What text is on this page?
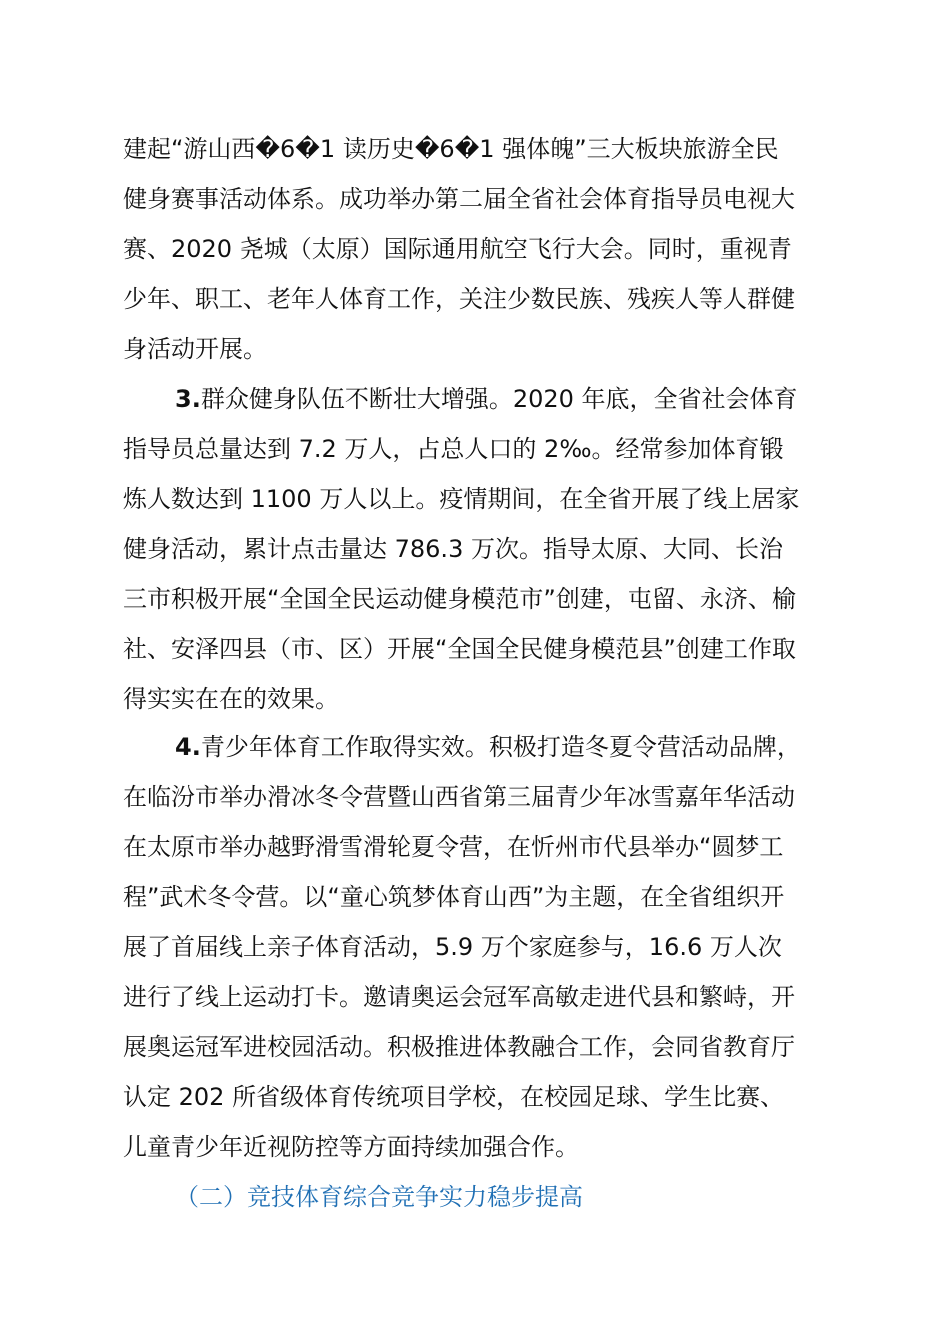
建起“游山西�6�1 读历史�6�1 强体魄”三大板块旅游全民
健身赛事活动体系。成功举办第二届全省社会体育指导员电视大
赛、2020 尧城（太原）国际通用航空飞行大会。同时，重视青
少年、职工、老年人体育工作，关注少数民族、残疾人等人群健
身活动开展。
3.群众健身队伍不断壮大增强。2020 年底，全省社会体育
指导员总量达到 7.2 万人，占总人口的 2‰。经常参加体育锻
炼人数达到 1100 万人以上。疫情期间，在全省开展了线上居家
健身活动，累计点击量达 786.3 万次。指导太原、大同、长治
三市积极开展“全国全民运动健身模范市”创建，屯留、永济、榆
社、安泽四县（市、区）开展“全国全民健身模范县”创建工作取
得实实在在的效果。
4.青少年体育工作取得实效。积极打造冬夏令营活动品牌，
在临汾市举办滑冰冬令营暨山西省第三届青少年冰雪嘉年华活动
在太原市举办越野滑雪滑轮夏令营，在忻州市代县举办“圆梦工
程”武术冬令营。以“童心筑梦体育山西”为主题，在全省组织开
展了首届线上亲子体育活动，5.9 万个家庭参与，16.6 万人次
进行了线上运动打卡。邀请奥运会冠军高敏走进代县和繁峙，开
展奥运冠军进校园活动。积极推进体教融合工作，会同省教育厅
认定 202 所省级体育传统项目学校，在校园足球、学生比赛、
儿童青少年近视防控等方面持续加强合作。
（二）竞技体育综合竞争实力稳步提高
